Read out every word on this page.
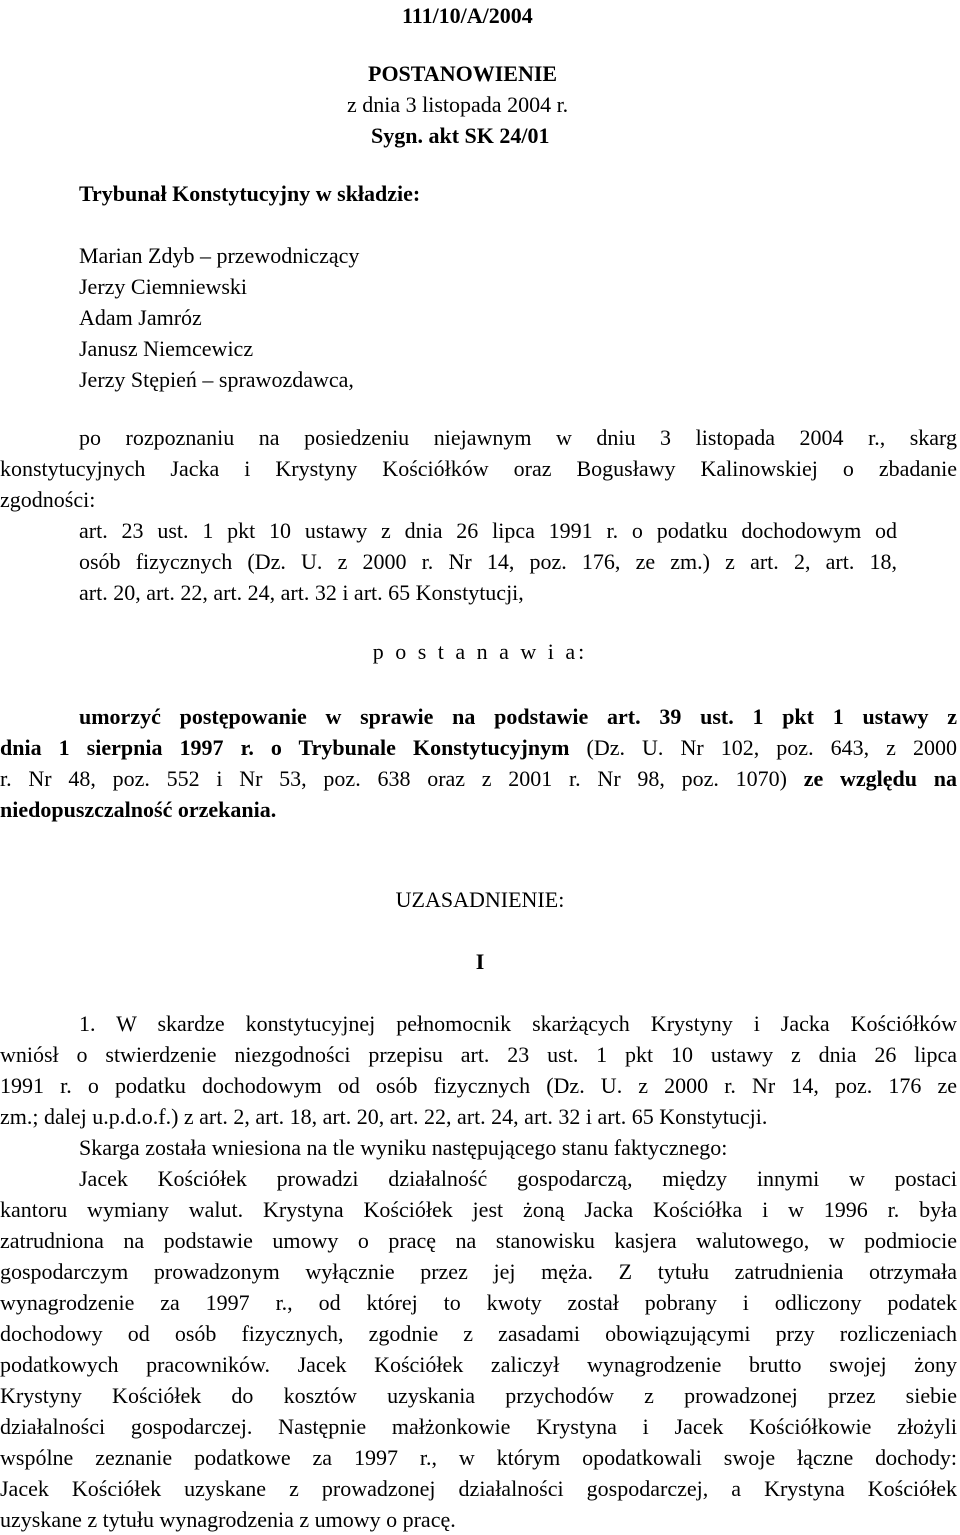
111/10/A/2004

POSTANOWIENIE

z dnia 3 listopada 2004 r.

Sygn. akt SK 24/01

Trybunał Konstytucyjny w składzie:

Marian Zdyb – przewodniczący

Jerzy Ciemniewski

Adam Jamróz

Janusz Niemcewicz

Jerzy Stępień – sprawozdawca,

po rozpoznaniu na posiedzeniu niejawnym w dniu 3 listopada 2004 r., skarg

konstytucyjnych Jacka i Krystyny Kościółków oraz Bogusławy Kalinowskiej o zbadanie

zgodności:

art. 23 ust. 1 pkt 10 ustawy z dnia 26 lipca 1991 r. o podatku dochodowym od

osób fizycznych (Dz. U. z 2000 r. Nr 14, poz. 176, ze zm.) z art. 2, art. 18,

art. 20, art. 22, art. 24, art. 32 i art. 65 Konstytucji,

p o s t a n a w i a:

umorzyć postępowanie w sprawie na podstawie art. 39 ust. 1 pkt 1 ustawy z

dnia 1 sierpnia 1997 r. o Trybunale Konstytucyjnym (Dz. U. Nr 102, poz. 643, z 2000

r. Nr 48, poz. 552 i Nr 53, poz. 638 oraz z 2001 r. Nr 98, poz. 1070) ze względu na

niedopuszczalność orzekania.

UZASADNIENIE:

I

1. W skardze konstytucyjnej pełnomocnik skarżących Krystyny i Jacka Kościółków
wniósł o stwierdzenie niezgodności przepisu art. 23 ust. 1 pkt 10 ustawy z dnia 26 lipca
1991 r. o podatku dochodowym od osób fizycznych (Dz. U. z 2000 r. Nr 14, poz. 176 ze
zm.; dalej u.p.d.o.f.) z art. 2, art. 18, art. 20, art. 22, art. 24, art. 32 i art. 65 Konstytucji.

Skarga została wniesiona na tle wyniku następującego stanu faktycznego:

Jacek Kościółek prowadzi działalność gospodarczą, między innymi w postaci
kantoru wymiany walut. Krystyna Kościółek jest żoną Jacka Kościółka i w 1996 r. była
zatrudniona na podstawie umowy o pracę na stanowisku kasjera walutowego, w podmiocie
gospodarczym prowadzonym wyłącznie przez jej męża. Z tytułu zatrudnienia otrzymała
wynagrodzenie za 1997 r., od której to kwoty został pobrany i odliczony podatek
dochodowy od osób fizycznych, zgodnie z zasadami obowiązującymi przy rozliczeniach
podatkowych pracowników. Jacek Kościółek zaliczył wynagrodzenie brutto swojej żony
Krystyny Kościółek do kosztów uzyskania przychodów z prowadzonej przez siebie
działalności gospodarczej. Następnie małżonkowie Krystyna i Jacek Kościółkowie złożyli
wspólne zeznanie podatkowe za 1997 r., w którym opodatkowali swoje łączne dochody:
Jacek Kościółek uzyskane z prowadzonej działalności gospodarczej, a Krystyna Kościółek
uzyskane z tytułu wynagrodzenia z umowy o pracę.
